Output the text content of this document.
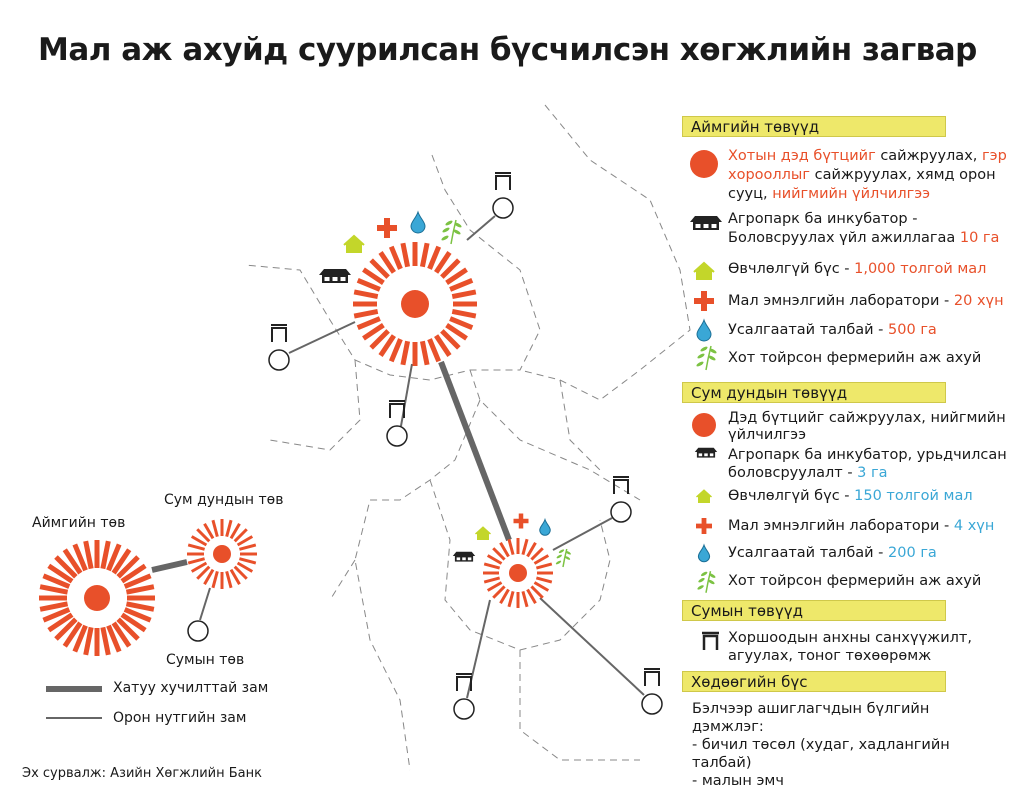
Мал аж ахуйд суурилсан бүсчилсэн хөгжлийн загвар
Аймгийн төв
Сум дундын төв
Сумын төв
Хатуу хучилттай зам
Орон нутгийн зам
Аймгийн төвүүд
Хотын дэд бүтцийг сайжруулах, гэр хорооллыг сайжруулах, хямд орон сууц, нийгмийн үйлчилгээ
Агропарк ба инкубатор - Боловсруулах үйл ажиллагаа 10 га
Өвчлөлгүй бүс - 1,000 толгой мал
Мал эмнэлгийн лаборатори - 20 хүн
Усалгаатай талбай - 500 га
Хот тойрсон фермерийн аж ахуй
Сум дундын төвүүд
Дэд бүтцийг сайжруулах, нийгмийн үйлчилгээ
Агропарк ба инкубатор, урьдчилсан боловсруулалт - 3 га
Өвчлөлгүй бүс - 150 толгой мал
Мал эмнэлгийн лаборатори - 4 хүн
Усалгаатай талбай - 200 га
Хот тойрсон фермерийн аж ахуй
Сумын төвүүд
Хоршоодын анхны санхүүжилт, агуулах, тоног төхөөрөмж
Хөдөөгийн бүс
Бэлчээр ашиглагчдын бүлгийн дэмжлэг:
- бичил төсөл (худаг, хадлангийн талбай)
- малын эмч
Эх сурвалж: Азийн Хөгжлийн Банк
